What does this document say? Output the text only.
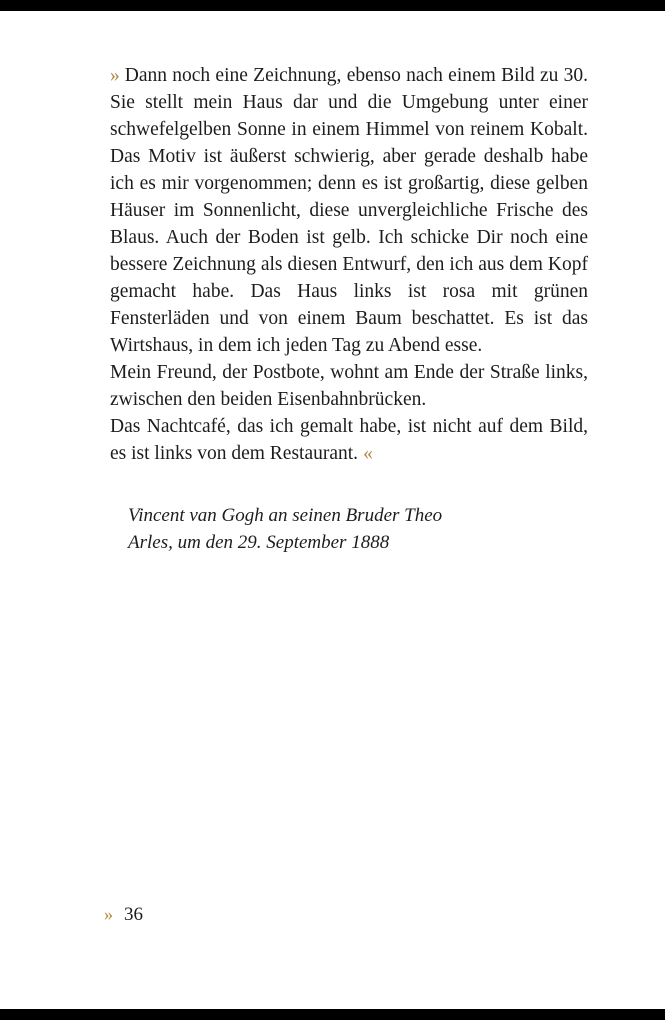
» Dann noch eine Zeichnung, ebenso nach einem Bild zu 30. Sie stellt mein Haus dar und die Umgebung unter einer schwefelgelben Sonne in einem Himmel von reinem Kobalt. Das Motiv ist äußerst schwierig, aber gerade deshalb habe ich es mir vorgenommen; denn es ist großartig, diese gelben Häuser im Sonnenlicht, diese unvergleichliche Frische des Blaus. Auch der Boden ist gelb. Ich schicke Dir noch eine bessere Zeichnung als diesen Entwurf, den ich aus dem Kopf gemacht habe. Das Haus links ist rosa mit grünen Fensterläden und von einem Baum beschattet. Es ist das Wirtshaus, in dem ich jeden Tag zu Abend esse.

Mein Freund, der Postbote, wohnt am Ende der Straße links, zwischen den beiden Eisenbahnbrücken.

Das Nachtcafé, das ich gemalt habe, ist nicht auf dem Bild, es ist links von dem Restaurant. «

Vincent van Gogh an seinen Bruder Theo
Arles, um den 29. September 1888
» 36
